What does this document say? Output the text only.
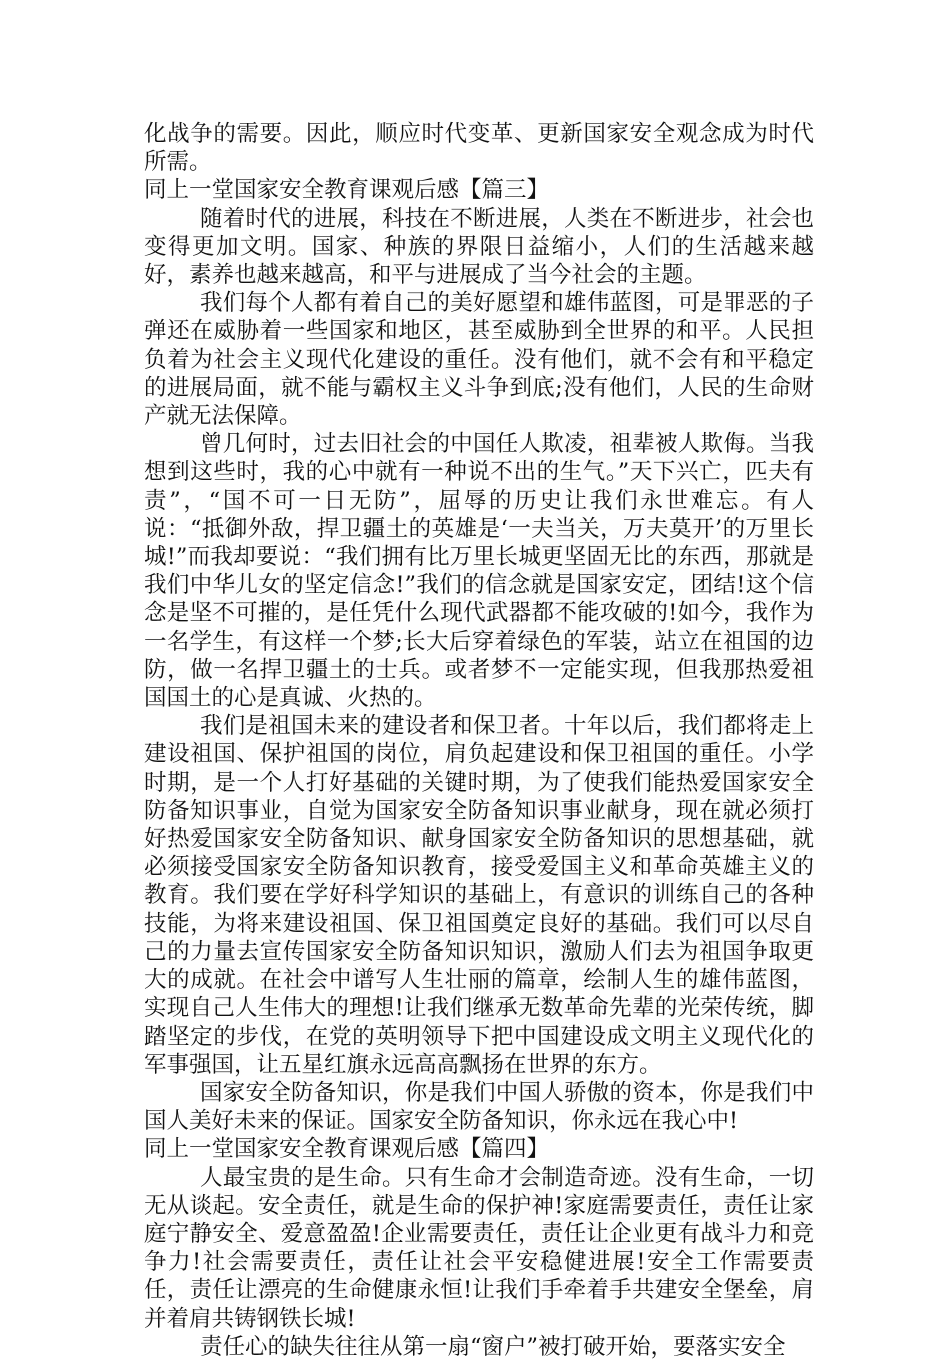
化战争的需要。因此，顺应时代变革、更新国家安全观念成为时代所需。

同上一堂国家安全教育课观后感【篇三】

随着时代的进展，科技在不断进展，人类在不断进步，社会也变得更加文明。国家、种族的界限日益缩小，人们的生活越来越好，素养也越来越高，和平与进展成了当今社会的主题。

我们每个人都有着自己的美好愿望和雄伟蓝图，可是罪恶的子弹还在威胁着一些国家和地区，甚至威胁到全世界的和平。人民担负着为社会主义现代化建设的重任。没有他们，就不会有和平稳定的进展局面，就不能与霸权主义斗争到底;没有他们，人民的生命财产就无法保障。

曾几何时，过去旧社会的中国任人欺凌，祖辈被人欺侮。当我想到这些时，我的心中就有一种说不出的生气。”天下兴亡，匹夫有责”，“国不可一日无防”，屈辱的历史让我们永世难忘。有人说：“抵御外敌，捍卫疆土的英雄是‘一夫当关，万夫莫开’的万里长城!”而我却要说：“我们拥有比万里长城更坚固无比的东西，那就是我们中华儿女的坚定信念!”我们的信念就是国家安定，团结!这个信念是坚不可摧的，是任凭什么现代武器都不能攻破的!如今，我作为一名学生，有这样一个梦;长大后穿着绿色的军装，站立在祖国的边防，做一名捍卫疆土的士兵。或者梦不一定能实现，但我那热爱祖国国土的心是真诚、火热的。

我们是祖国未来的建设者和保卫者。十年以后，我们都将走上建设祖国、保护祖国的岗位，肩负起建设和保卫祖国的重任。小学时期，是一个人打好基础的关键时期，为了使我们能热爱国家安全防备知识事业，自觉为国家安全防备知识事业献身，现在就必须打好热爱国家安全防备知识、献身国家安全防备知识的思想基础，就必须接受国家安全防备知识教育，接受爱国主义和革命英雄主义的教育。我们要在学好科学知识的基础上，有意识的训练自己的各种技能，为将来建设祖国、保卫祖国奠定良好的基础。我们可以尽自己的力量去宣传国家安全防备知识知识，激励人们去为祖国争取更大的成就。在社会中谱写人生壮丽的篇章，绘制人生的雄伟蓝图，实现自己人生伟大的理想!让我们继承无数革命先辈的光荣传统，脚踏坚定的步伐，在党的英明领导下把中国建设成文明主义现代化的军事强国，让五星红旗永远高高飘扬在世界的东方。

国家安全防备知识，你是我们中国人骄傲的资本，你是我们中国人美好未来的保证。国家安全防备知识，你永远在我心中!

同上一堂国家安全教育课观后感【篇四】

人最宝贵的是生命。只有生命才会制造奇迹。没有生命，一切无从谈起。安全责任，就是生命的保护神!家庭需要责任，责任让家庭宁静安全、爱意盈盈!企业需要责任，责任让企业更有战斗力和竞争力!社会需要责任，责任让社会平安稳健进展!安全工作需要责任，责任让漂亮的生命健康永恒!让我们手牵着手共建安全堡垒，肩并着肩共铸钢铁长城!

责任心的缺失往往从第一扇“窗户”被打破开始，要落实安全
